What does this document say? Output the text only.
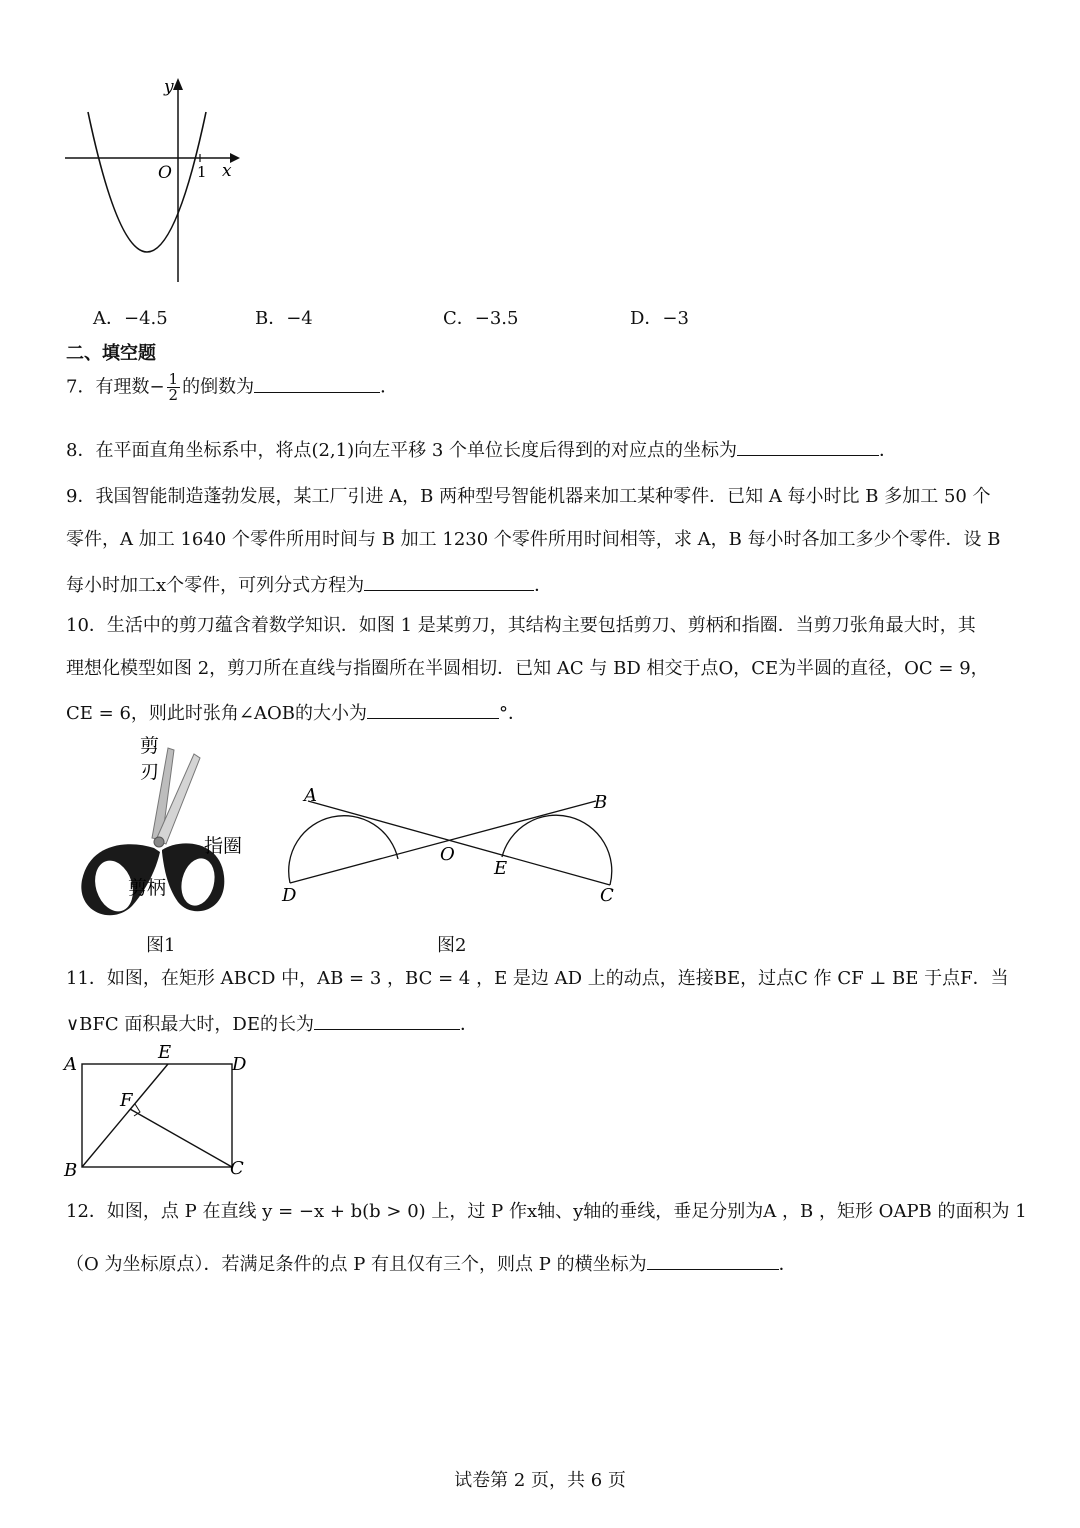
y
x
O 1
A．−4.5	B．−4	C．−3.5	D．−3
二、填空题
7．有理数− $\frac{1}{2}$ 的倒数为	．
8．在平面直角坐标系中，将点(2,1)向左平移 3 个单位长度后得到的对应点的坐标为	．
9．我国智能制造蓬勃发展，某工厂引进 A，B 两种型号智能机器来加工某种零件．已知 A 每小时比 B 多加工 50 个
零件，A 加工 1640 个零件所用时间与 B 加工 1230 个零件所用时间相等，求 A，B 每小时各加工多少个零件．设 B
每小时加工x个零件，可列分式方程为	．
10．生活中的剪刀蕴含着数学知识．如图 1 是某剪刀，其结构主要包括剪刀、剪柄和指圈．当剪刀张角最大时，其
理想化模型如图 2，剪刀所在直线与指圈所在半圆相切．已知 AC 与 BD 相交于点O，CE为半圆的直径，OC = 9，
CE = 6，则此时张角∠AOB的大小为	°．
剪
刃
指圈
剪柄
图1
A	B
O
E
D	C
图2
11．如图，在矩形 ABCD 中，AB = 3 ，BC = 4 ，E 是边 AD 上的动点，连接BE，过点C 作 CF ⊥ BE 于点F．当
∨BFC 面积最大时，DE的长为	．
A
E
D
F
B	C
12．如图，点 P 在直线 y = −x + b(b > 0) 上，过 P 作x轴、y轴的垂线，垂足分别为A ，B ，矩形 OAPB 的面积为 1
（O 为坐标原点）．若满足条件的点 P 有且仅有三个，则点 P 的横坐标为	．
试卷第 2 页，共 6 页
